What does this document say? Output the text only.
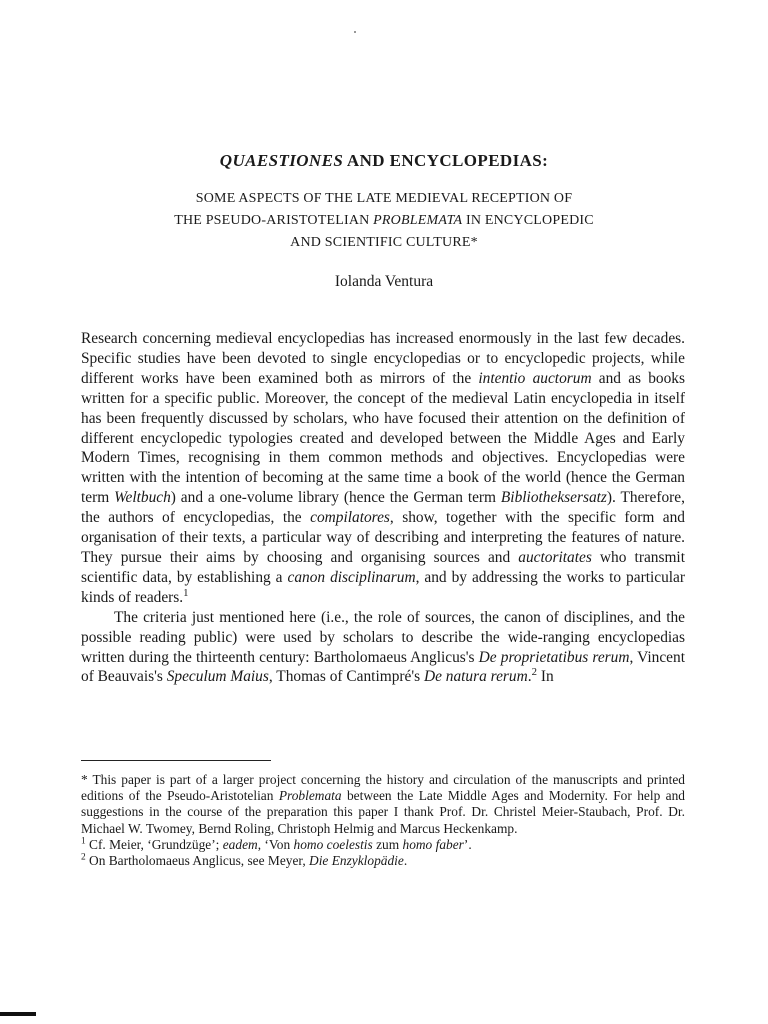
QUAESTIONES AND ENCYCLOPEDIAS:
SOME ASPECTS OF THE LATE MEDIEVAL RECEPTION OF
THE PSEUDO-ARISTOTELIAN PROBLEMATA IN ENCYCLOPEDIC
AND SCIENTIFIC CULTURE*
Iolanda Ventura

Research concerning medieval encyclopedias has increased enormously in the last few decades. Specific studies have been devoted to single encyclopedias or to encyclopedic projects, while different works have been examined both as mirrors of the intentio auctorum and as books written for a specific public. Moreover, the concept of the medieval Latin encyclopedia in itself has been frequently discussed by scholars, who have focused their attention on the definition of different encyclopedic typologies created and developed between the Middle Ages and Early Modern Times, recognising in them common methods and objectives. Encyclopedias were written with the intention of becoming at the same time a book of the world (hence the German term Weltbuch) and a one-volume library (hence the German term Bibliotheksersatz). Therefore, the authors of encyclopedias, the compilatores, show, together with the specific form and organisation of their texts, a particular way of describing and interpreting the features of nature. They pursue their aims by choosing and organising sources and auctoritates who transmit scientific data, by establishing a canon disciplinarum, and by addressing the works to particular kinds of readers.$^1$

The criteria just mentioned here (i.e., the role of sources, the canon of disciplines, and the possible reading public) were used by scholars to describe the wide-ranging encyclopedias written during the thirteenth century: Bartholomaeus Anglicus's De proprietatibus rerum, Vincent of Beauvais's Speculum Maius, Thomas of Cantimpré's De natura rerum.$^2$ In

* This paper is part of a larger project concerning the history and circulation of the manuscripts and printed editions of the Pseudo-Aristotelian Problemata between the Late Middle Ages and Modernity. For help and suggestions in the course of the preparation this paper I thank Prof. Dr. Christel Meier-Staubach, Prof. Dr. Michael W. Twomey, Bernd Roling, Christoph Helmig and Marcus Heckenkamp.

$^1$ Cf. Meier, ‘Grundzüge’; eadem, ‘Von homo coelestis zum homo faber’.

$^2$ On Bartholomaeus Anglicus, see Meyer, Die Enzyklopädie.
